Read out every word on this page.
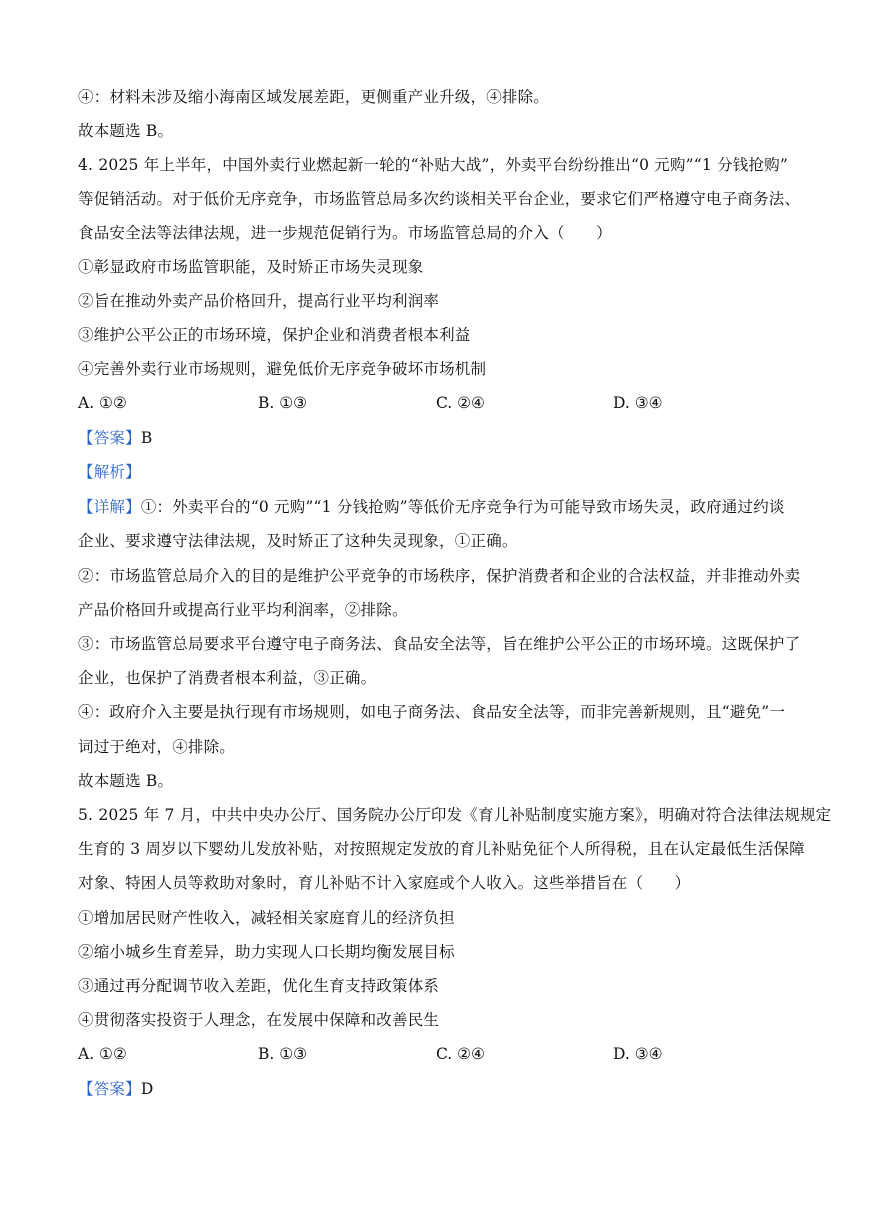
④：材料未涉及缩小海南区域发展差距，更侧重产业升级，④排除。
故本题选 B。
4. 2025 年上半年，中国外卖行业燃起新一轮的“补贴大战”，外卖平台纷纷推出“0 元购”“1 分钱抢购”
等促销活动。对于低价无序竞争，市场监管总局多次约谈相关平台企业，要求它们严格遵守电子商务法、
食品安全法等法律法规，进一步规范促销行为。市场监管总局的介入（　　）
①彰显政府市场监管职能，及时矫正市场失灵现象
②旨在推动外卖产品价格回升，提高行业平均利润率
③维护公平公正的市场环境，保护企业和消费者根本利益
④完善外卖行业市场规则，避免低价无序竞争破坏市场机制
A. ①②	B. ①③	C. ②④	D. ③④
【答案】B
【解析】
【详解】①：外卖平台的“0 元购”“1 分钱抢购”等低价无序竞争行为可能导致市场失灵，政府通过约谈
企业、要求遵守法律法规，及时矫正了这种失灵现象，①正确。
②：市场监管总局介入的目的是维护公平竞争的市场秩序，保护消费者和企业的合法权益，并非推动外卖
产品价格回升或提高行业平均利润率，②排除。
③：市场监管总局要求平台遵守电子商务法、食品安全法等，旨在维护公平公正的市场环境。这既保护了
企业，也保护了消费者根本利益，③正确。
④：政府介入主要是执行现有市场规则，如电子商务法、食品安全法等，而非完善新规则，且“避免”一
词过于绝对，④排除。
故本题选 B。
5. 2025 年 7 月，中共中央办公厅、国务院办公厅印发《育儿补贴制度实施方案》，明确对符合法律法规规定
生育的 3 周岁以下婴幼儿发放补贴，对按照规定发放的育儿补贴免征个人所得税，且在认定最低生活保障
对象、特困人员等救助对象时，育儿补贴不计入家庭或个人收入。这些举措旨在（　　）
①增加居民财产性收入，减轻相关家庭育儿的经济负担
②缩小城乡生育差异，助力实现人口长期均衡发展目标
③通过再分配调节收入差距，优化生育支持政策体系
④贯彻落实投资于人理念，在发展中保障和改善民生
A. ①②	B. ①③	C. ②④	D. ③④
【答案】D
